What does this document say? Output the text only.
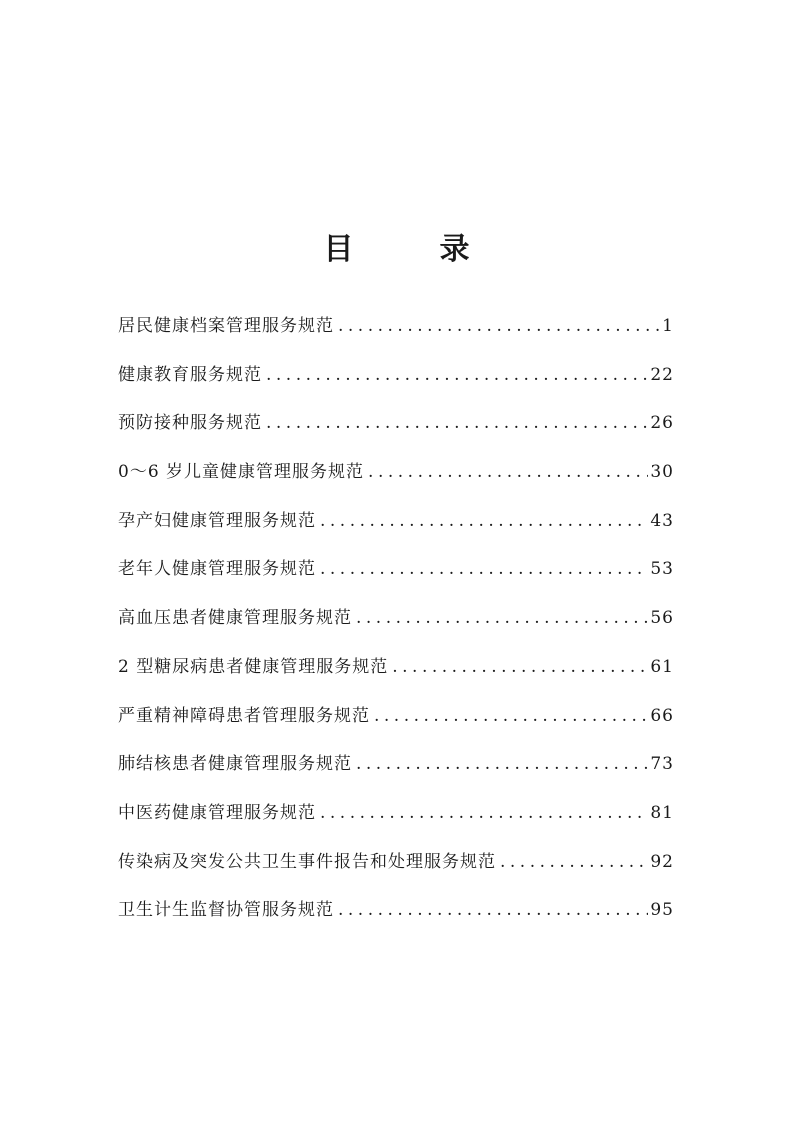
目　录
居民健康档案管理服务规范 .....	1
健康教育服务规范 .....	22
预防接种服务规范 .....	26
0～6 岁儿童健康管理服务规范 .....	30
孕产妇健康管理服务规范 .....	43
老年人健康管理服务规范 .....	53
高血压患者健康管理服务规范 .....	56
2 型糖尿病患者健康管理服务规范 .....	61
严重精神障碍患者管理服务规范 .....	66
肺结核患者健康管理服务规范 .....	73
中医药健康管理服务规范 .....	81
传染病及突发公共卫生事件报告和处理服务规范 .....	92
卫生计生监督协管服务规范 .....	95
